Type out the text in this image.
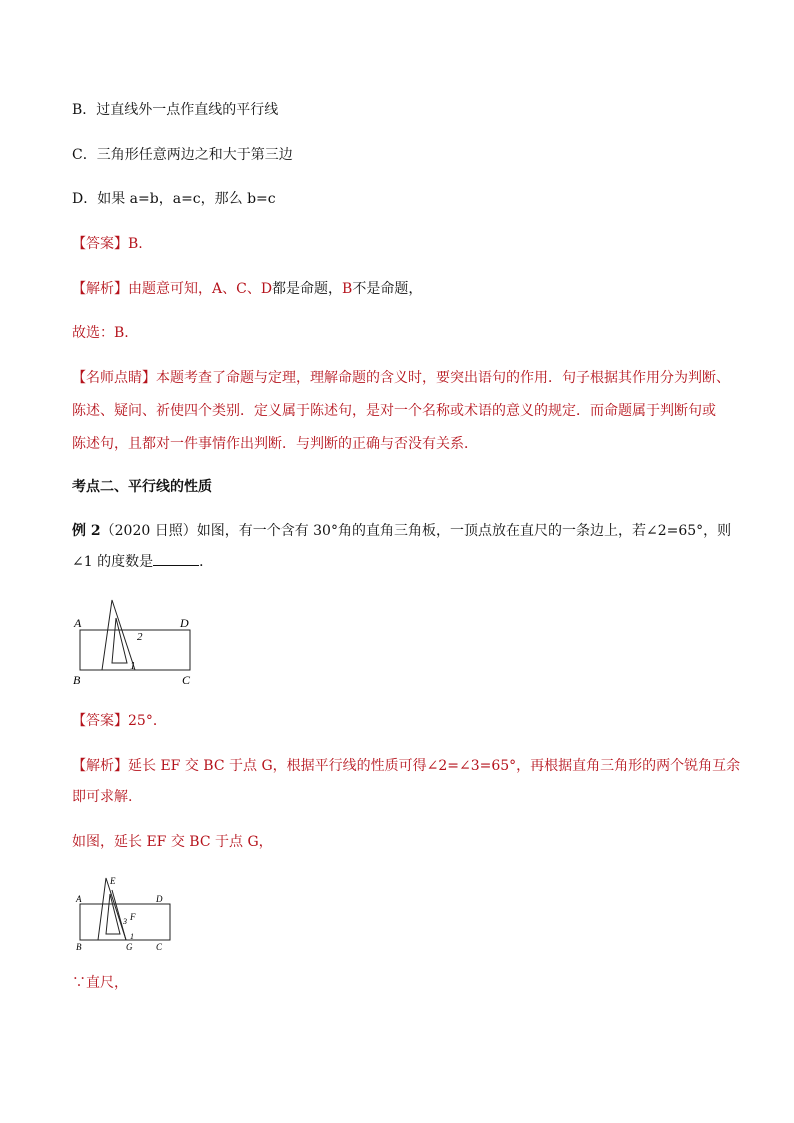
B．过直线外一点作直线的平行线
C．三角形任意两边之和大于第三边
D．如果 a=b，a=c，那么 b=c
【答案】B.
【解析】由题意可知，A、C、D都是命题，B不是命题，
故选：B.
【名师点睛】本题考查了命题与定理，理解命题的含义时，要突出语句的作用．句子根据其作用分为判断、
陈述、疑问、祈使四个类别．定义属于陈述句，是对一个名称或术语的意义的规定．而命题属于判断句或
陈述句，且都对一件事情作出判断．与判断的正确与否没有关系．
考点二、平行线的性质
例 2（2020 日照）如图，有一个含有 30°角的直角三角板，一顶点放在直尺的一条边上，若∠2=65°，则
∠1 的度数是	．
A	D
B	C
2
1
【答案】25°．
【解析】延长 EF 交 BC 于点 G，根据平行线的性质可得∠2=∠3=65°，再根据直角三角形的两个锐角互余
即可求解.
如图，延长 EF 交 BC 于点 G，
E
A	D
F
3
1
B	G	C
∵直尺，
